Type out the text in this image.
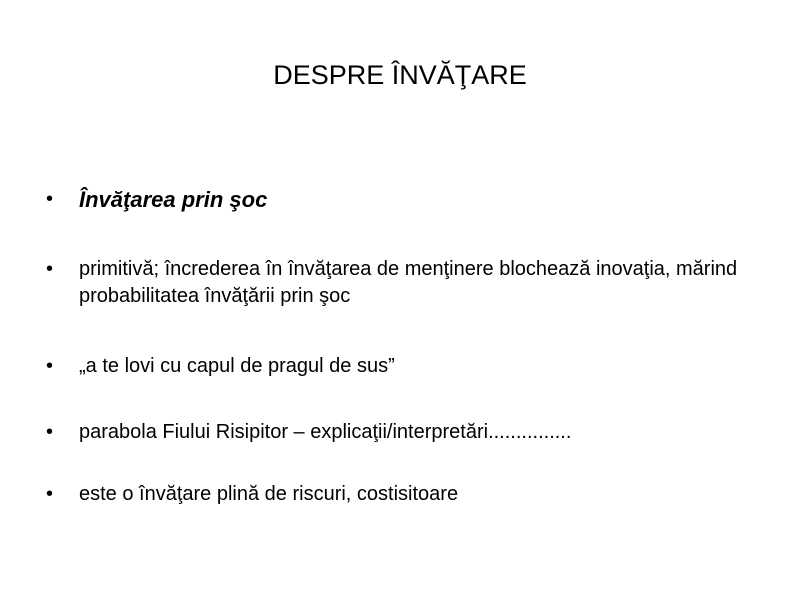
DESPRE ÎNVĂŢARE
• Învăţarea prin şoc
• primitivă; încrederea în învăţarea de menţinere blochează inovaţia, mărind probabilitatea învăţării prin şoc
• „a te lovi cu capul de pragul de sus”
• parabola Fiului Risipitor – explicaţii/interpretări...............
• este o învăţare plină de riscuri, costisitoare
